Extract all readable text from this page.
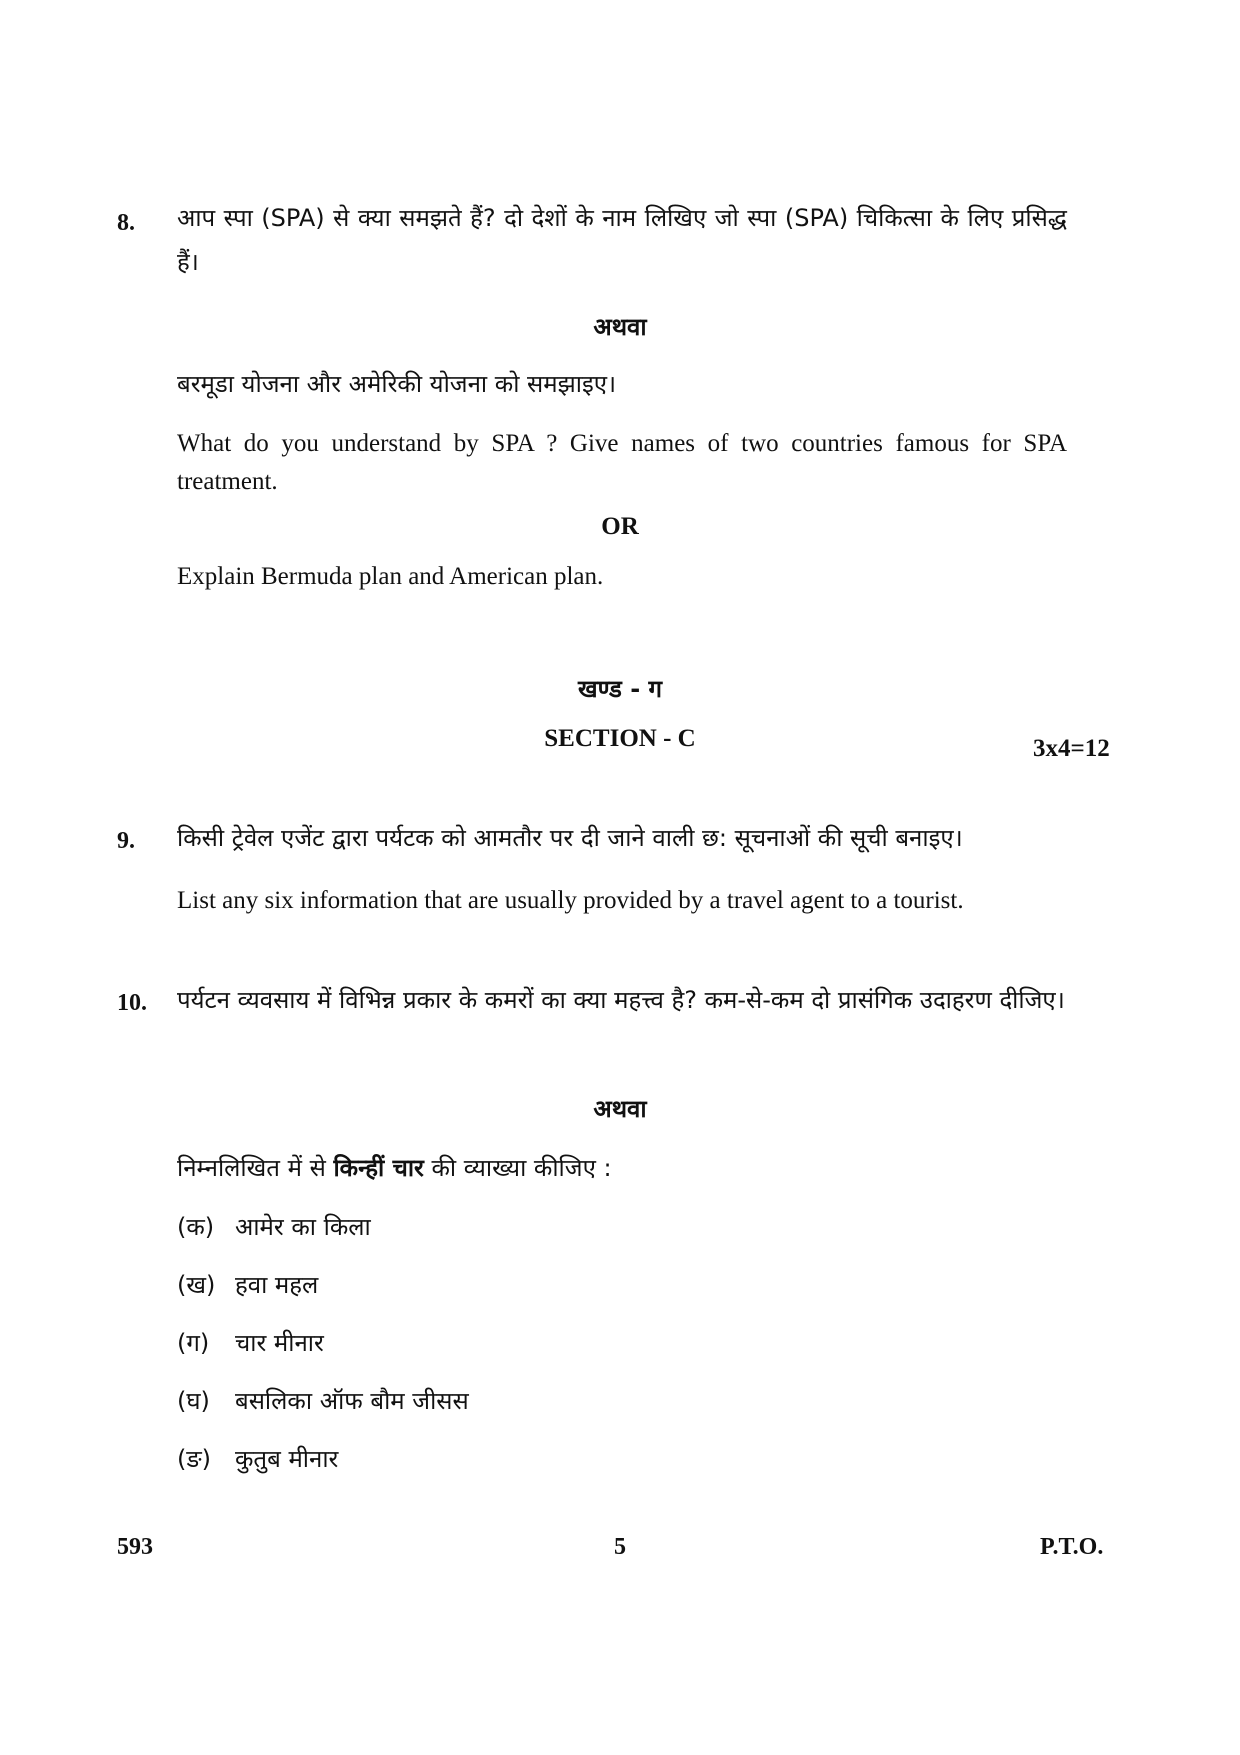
8. आप स्पा (SPA) से क्या समझते हैं? दो देशों के नाम लिखिए जो स्पा (SPA) चिकित्सा के लिए प्रसिद्ध हैं।
अथवा
बरमूडा योजना और अमेरिकी योजना को समझाइए।
What do you understand by SPA ? Give names of two countries famous for SPA treatment.
OR
Explain Bermuda plan and American plan.
खण्ड - ग
SECTION - C	3x4=12
9. किसी ट्रेवेल एजेंट द्वारा पर्यटक को आमतौर पर दी जाने वाली छ: सूचनाओं की सूची बनाइए।
List any six information that are usually provided by a travel agent to a tourist.
10. पर्यटन व्यवसाय में विभिन्न प्रकार के कमरों का क्या महत्त्व है? कम-से-कम दो प्रासंगिक उदाहरण दीजिए।
अथवा
निम्नलिखित में से किन्हीं चार की व्याख्या कीजिए :
(क) आमेर का किला
(ख) हवा महल
(ग) चार मीनार
(घ) बसलिका ऑफ बौम जीसस
(ङ) कुतुब मीनार
593	5	P.T.O.
